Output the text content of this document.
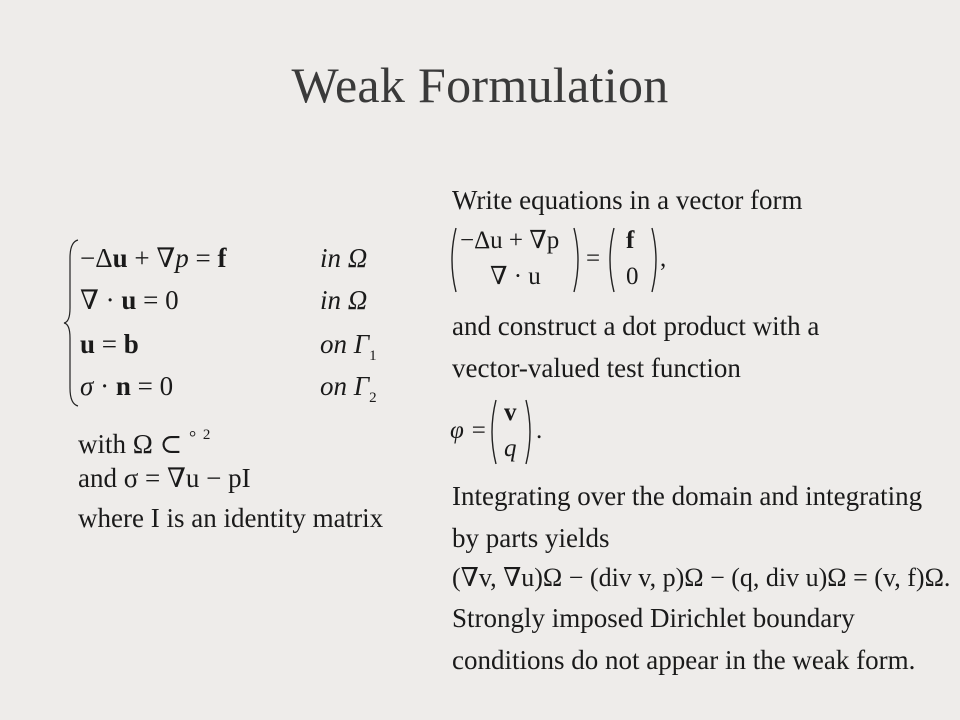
Weak Formulation
−Δu + ∇p = f	in Ω
∇ · u = 0	in Ω
u = b	on $\Gamma_1$
σ · n = 0	on $\Gamma_2$
with Ω ⊂ ° $^2$
and σ = ∇u − pI
where I is an identity matrix
Write equations in a vector form
−Δu + ∇p
∇ · u
=
f
0
,
and construct a dot product with a
vector-valued test function
φ =
v
q
.
Integrating over the domain and integrating
by parts yields
(∇v, ∇u)Ω − (div v, p)Ω − (q, div u)Ω = (v, f)Ω.
Strongly imposed Dirichlet boundary
conditions do not appear in the weak form.
